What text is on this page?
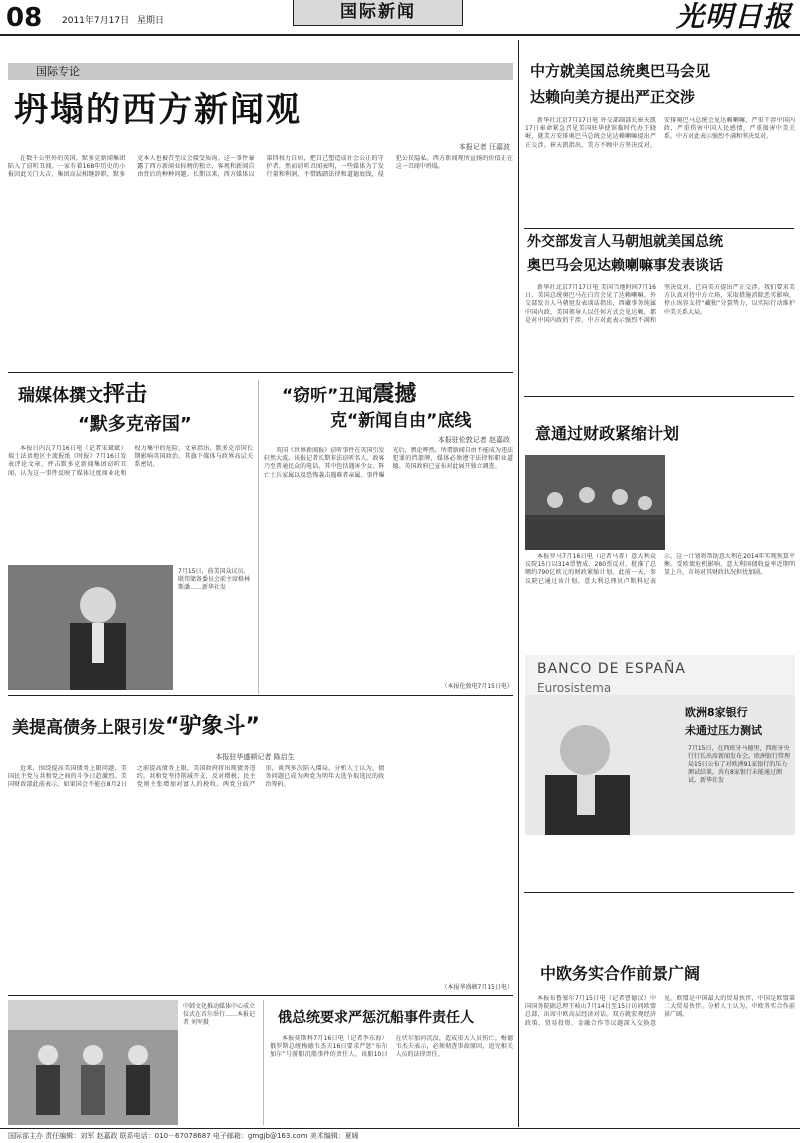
08 2011年7月17日 星期日	国际新闻	光明日报
国际专论
坍塌的西方新闻观
本报记者 汪嘉波

在数千公里外的英国，默多克新闻集团陷入了窃听丑闻。一家有着168年历史的小报因此关门大吉，集团高层相继辞职，默多克本人也被召至议会接受质询。这一事件暴露了西方新闻业标榜的独立、客观和新闻自由背后的种种问题。长期以来，西方媒体以第四权力自居，把自己塑造成社会公正的守护者，然而窃听丑闻表明，一些媒体为了发行量和利润，不惜践踏法律和道德底线，侵犯公民隐私。西方新闻观所宣扬的价值正在这一丑闻中坍塌。

瑞媒体撰文抨击
“默多克帝国”

本报日内瓦7月16日电（记者宋斌斌）瑞士法语地区主流报纸《时报》7月16日发表评论文章，抨击默多克新闻集团窃听丑闻，认为这一事件反映了媒体过度商业化和权力集中的危险。文章指出，默多克帝国长期影响英国政治，其旗下媒体与政界高层关系密切。

7月15日，前美国众议员、联邦储备委员会前主席格林斯潘……新华社发
“窃听”丑闻震撼
克“新闻自由”底线
本报驻伦敦记者 赵嘉政

英国《世界新闻报》窃听事件在英国引发轩然大波。该报记者长期非法窃听名人、政客乃至普通民众的电话，其中包括遇害少女、阵亡士兵家属以及恐怖袭击遇难者亲属。事件曝光后，舆论哗然。所谓新闻自由不能成为违法犯罪的挡箭牌，媒体必须遵守法律和职业道德。英国政府已宣布对此展开独立调查。

（本报伦敦电7月15日电）
美提高债务上限引发“驴象斗”
本报驻华盛顿记者 陈启生

近来，围绕提高美国债务上限问题，美国民主党与共和党之间的斗争日趋激烈。美国财政部此前表示，如果国会不能在8月2日之前提高债务上限，美国政府将出现债务违约。共和党坚持削减开支，反对增税；民主党则主张增加对富人的税收。两党分歧严重，谈判多次陷入僵局。分析人士认为，债务问题已成为两党为明年大选争取选民的政治筹码。

（本报华盛顿7月15日电）
中韩文化推动媒体中心成立仪式在首尔举行……本报记者 刘军摄	俄总统要求严惩沉船事件责任人

本报莫斯科7月16日电（记者李东海）俄罗斯总统梅德韦杰夫16日要求严惩“布尔加尔”号游船沉船事件的责任人。该船10日在伏尔加河沉没，造成重大人员伤亡。梅德韦杰夫表示，必须彻查事故原因，追究相关人员的法律责任。

中方就美国总统奥巴马会见
达赖向美方提出严正交涉

新华社北京7月17日电 外交部副部长崔天凯17日奉命紧急召见美国驻华使馆临时代办王晓岷，就美方安排奥巴马总统会见达赖喇嘛提出严正交涉。崔天凯指出，美方不顾中方坚决反对，安排奥巴马总统会见达赖喇嘛，严重干涉中国内政，严重伤害中国人民感情，严重损害中美关系。中方对此表示强烈不满和坚决反对。

外交部发言人马朝旭就美国总统
奥巴马会见达赖喇嘛事发表谈话

新华社北京7月17日电 美国当地时间7月16日，美国总统奥巴马在白宫会见了达赖喇嘛。外交部发言人马朝旭发表谈话指出，西藏事务纯属中国内政，美国领导人以任何方式会见达赖，都是对中国内政的干涉。中方对此表示强烈不满和坚决反对，已向美方提出严正交涉。我们要求美方认真对待中方立场，采取措施消除恶劣影响，停止纵容支持“藏独”分裂势力，以实际行动维护中美关系大局。

意通过财政紧缩计划

本报罗马7月16日电（记者马菁）意大利众议院15日以314票赞成、280票反对，批准了总额约790亿欧元的财政紧缩计划。此前一天，参议院已通过该计划。意大利总理贝卢斯科尼表示，这一计划将帮助意大利在2014年实现预算平衡。受欧债危机影响，意大利国债收益率近期明显上升，市场对其财政状况担忧加剧。

BANCO DE ESPAÑA
Eurosistema
欧洲8家银行
未通过压力测试
7月15日，在西班牙马德里，西班牙央行行长出席新闻发布会。欧洲银行管理局15日公布了对欧洲91家银行的压力测试结果，共有8家银行未能通过测试。新华社发
中欧务实合作前景广阔

本报布鲁塞尔7月15日电（记者曹德汉）中国国务院副总理王岐山7月14日至15日访问欧盟总部，出席中欧高层经济对话。双方就宏观经济政策、贸易投资、金融合作等议题深入交换意见。欧盟是中国最大的贸易伙伴，中国是欧盟第二大贸易伙伴。分析人士认为，中欧务实合作前景广阔。

国际部主办 责任编辑：刘军 赵嘉政 联系电话：010－67078687 电子邮箱：gmgjb@163.com 美术编辑：夏晞
